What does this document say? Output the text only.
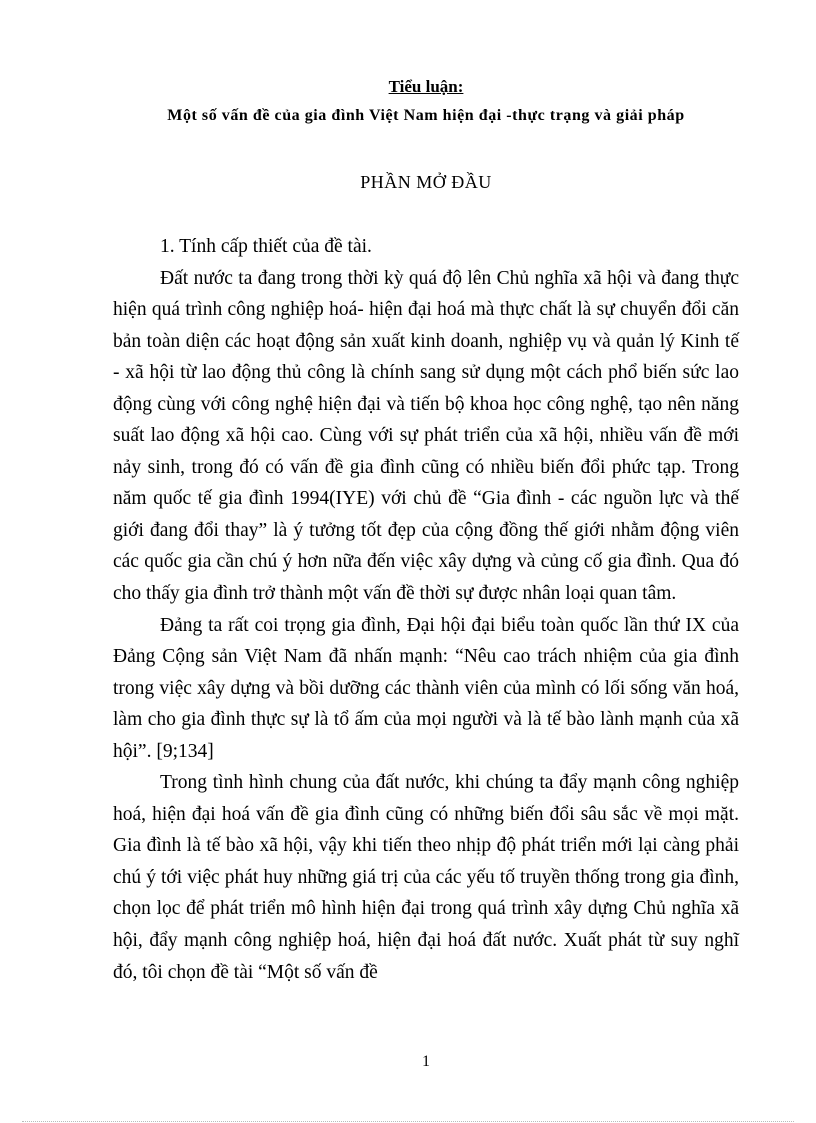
Tiểu luận:
Một số vấn đề của gia đình Việt Nam hiện đại -thực trạng và giải pháp
PHẦN MỞ ĐẦU

1. Tính cấp thiết của đề tài.

Đất nước ta đang trong thời kỳ quá độ lên Chủ nghĩa xã hội và đang thực hiện quá trình công nghiệp hoá- hiện đại hoá mà thực chất là sự chuyển đổi căn bản toàn diện các hoạt động sản xuất kinh doanh, nghiệp vụ và quản lý Kinh tế - xã hội từ lao động thủ công là chính sang sử dụng một cách phổ biến sức lao động cùng với công nghệ hiện đại và tiến bộ khoa học công nghệ, tạo nên năng suất lao động xã hội cao. Cùng với sự phát triển của xã hội, nhiều vấn đề mới nảy sinh, trong đó có vấn đề gia đình cũng có nhiều biến đổi phức tạp. Trong năm quốc tế gia đình 1994(IYE) với chủ đề “Gia đình - các nguồn lực và thế giới đang đổi thay” là ý tưởng tốt đẹp của cộng đồng thế giới nhằm động viên các quốc gia cần chú ý hơn nữa đến việc xây dựng và củng cố gia đình. Qua đó cho thấy gia đình trở thành một vấn đề thời sự được nhân loại quan tâm.

Đảng ta rất coi trọng gia đình, Đại hội đại biểu toàn quốc lần thứ IX của Đảng Cộng sản Việt Nam đã nhấn mạnh: “Nêu cao trách nhiệm của gia đình trong việc xây dựng và bồi dưỡng các thành viên của mình có lối sống văn hoá, làm cho gia đình thực sự là tổ ấm của mọi người và là tế bào lành mạnh của xã hội”. [9;134]

Trong tình hình chung của đất nước, khi chúng ta đẩy mạnh công nghiệp hoá, hiện đại hoá vấn đề gia đình cũng có những biến đổi sâu sắc về mọi mặt. Gia đình là tế bào xã hội, vậy khi tiến theo nhịp độ phát triển mới lại càng phải chú ý tới việc phát huy những giá trị của các yếu tố truyền thống trong gia đình, chọn lọc để phát triển mô hình hiện đại trong quá trình xây dựng Chủ nghĩa xã hội, đẩy mạnh công nghiệp hoá, hiện đại hoá đất nước. Xuất phát từ suy nghĩ đó, tôi chọn đề tài “Một số vấn đề

1
